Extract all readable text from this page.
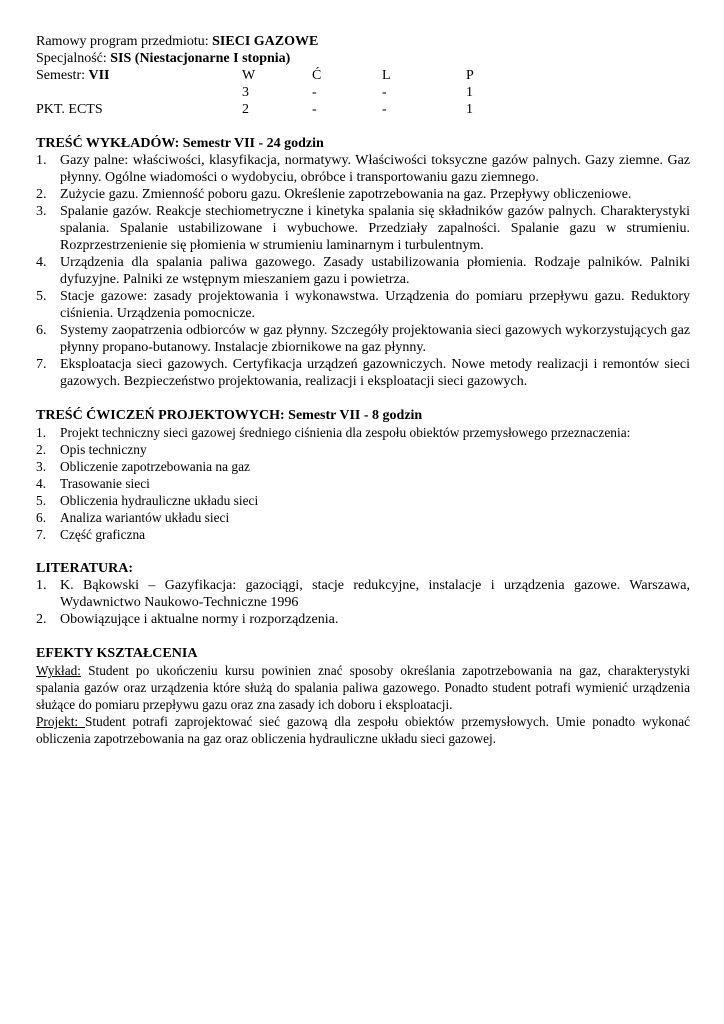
Ramowy program przedmiotu: SIECI GAZOWE
Specjalność: SIS (Niestacjonarne I stopnia)
Semestr: VII	W	Ć	L	P
	3	-	-	1
PKT. ECTS	2	-	-	1
TREŚĆ WYKŁADÓW: Semestr VII - 24 godzin
1. Gazy palne: właściwości, klasyfikacja, normatywy. Właściwości toksyczne gazów palnych. Gazy ziemne. Gaz płynny. Ogólne wiadomości o wydobyciu, obróbce i transportowaniu gazu ziemnego.
2. Zużycie gazu. Zmienność poboru gazu. Określenie zapotrzebowania na gaz. Przepływy obliczeniowe.
3. Spalanie gazów. Reakcje stechiometryczne i kinetyka spalania się składników gazów palnych. Charakterystyki spalania. Spalanie ustabilizowane i wybuchowe. Przedziały zapalności. Spalanie gazu w strumieniu. Rozprzestrzenienie się płomienia w strumieniu laminarnym i turbulentnym.
4. Urządzenia dla spalania paliwa gazowego. Zasady ustabilizowania płomienia. Rodzaje palników. Palniki dyfuzyjne. Palniki ze wstępnym mieszaniem gazu i powietrza.
5. Stacje gazowe: zasady projektowania i wykonawstwa. Urządzenia do pomiaru przepływu gazu. Reduktory ciśnienia. Urządzenia pomocnicze.
6. Systemy zaopatrzenia odbiorców w gaz płynny. Szczegóły projektowania sieci gazowych wykorzystujących gaz płynny propano-butanowy. Instalacje zbiornikowe na gaz płynny.
7. Eksploatacja sieci gazowych. Certyfikacja urządzeń gazowniczych. Nowe metody realizacji i remontów sieci gazowych. Bezpieczeństwo projektowania, realizacji i eksploatacji sieci gazowych.
TREŚĆ ĆWICZEŃ PROJEKTOWYCH: Semestr VII - 8 godzin
1. Projekt techniczny sieci gazowej średniego ciśnienia dla zespołu obiektów przemysłowego przeznaczenia:
2. Opis techniczny
3. Obliczenie zapotrzebowania na gaz
4. Trasowanie sieci
5. Obliczenia hydrauliczne układu sieci
6. Analiza wariantów układu sieci
7. Część graficzna
LITERATURA:
1. K. Bąkowski – Gazyfikacja: gazociągi, stacje redukcyjne, instalacje i urządzenia gazowe. Warszawa, Wydawnictwo Naukowo-Techniczne 1996
2. Obowiązujące i aktualne normy i rozporządzenia.
EFEKTY KSZTAŁCENIA

Wykład: Student po ukończeniu kursu powinien znać sposoby określania zapotrzebowania na gaz, charakterystyki spalania gazów oraz urządzenia które służą do spalania paliwa gazowego. Ponadto student potrafi wymienić urządzenia służące do pomiaru przepływu gazu oraz zna zasady ich doboru i eksploatacji.

Projekt: Student potrafi zaprojektować sieć gazową dla zespołu obiektów przemysłowych. Umie ponadto wykonać obliczenia zapotrzebowania na gaz oraz obliczenia hydrauliczne układu sieci gazowej.
